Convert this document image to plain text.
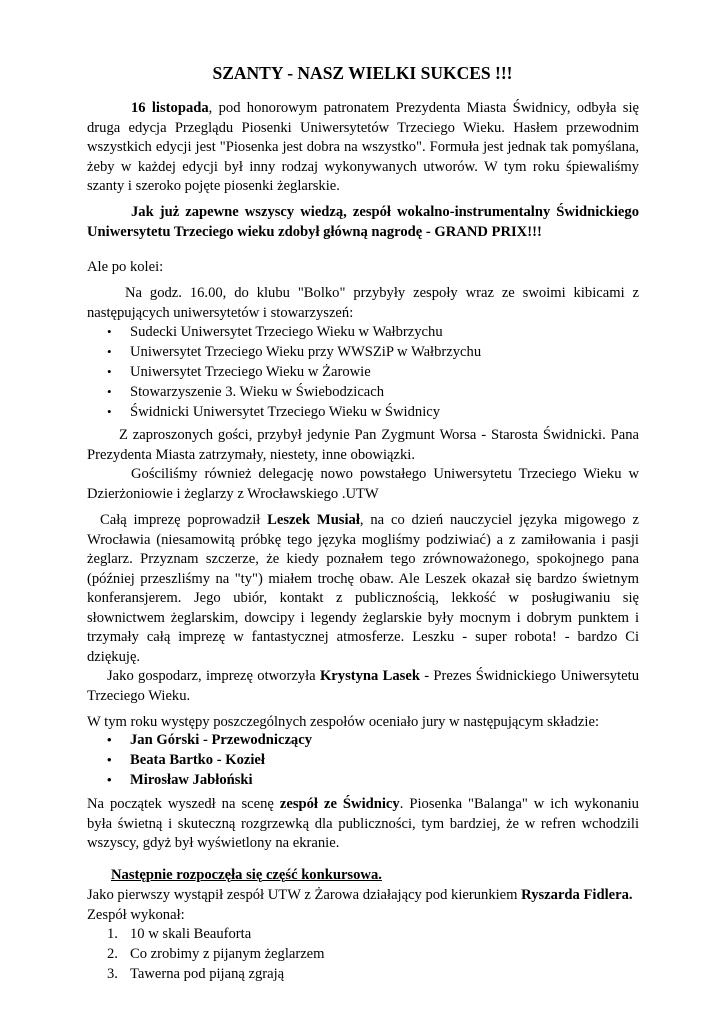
SZANTY - NASZ WIELKI SUKCES !!!
16 listopada, pod honorowym patronatem Prezydenta Miasta Świdnicy, odbyła się druga edycja Przeglądu Piosenki Uniwersytetów Trzeciego Wieku. Hasłem przewodnim wszystkich edycji jest "Piosenka jest dobra na wszystko". Formuła jest jednak tak pomyślana, żeby w każdej edycji był inny rodzaj wykonywanych utworów. W tym roku śpiewaliśmy szanty i szeroko pojęte piosenki żeglarskie.
Jak już zapewne wszyscy wiedzą, zespół wokalno-instrumentalny Świdnickiego Uniwersytetu Trzeciego wieku zdobył główną nagrodę - GRAND PRIX!!!
Ale po kolei:
Na godz. 16.00, do klubu "Bolko" przybyły zespoły wraz ze swoimi kibicami z następujących uniwersytetów i stowarzyszeń:
• Sudecki Uniwersytet Trzeciego Wieku w Wałbrzychu
• Uniwersytet Trzeciego Wieku przy WWSZiP w Wałbrzychu
• Uniwersytet Trzeciego Wieku w Żarowie
• Stowarzyszenie 3. Wieku w Świebodzicach
• Świdnicki Uniwersytet Trzeciego Wieku w Świdnicy
Z zaproszonych gości, przybył jedynie Pan Zygmunt Worsa - Starosta Świdnicki. Pana Prezydenta Miasta zatrzymały, niestety, inne obowiązki.
Gościliśmy również delegację nowo powstałego Uniwersytetu Trzeciego Wieku w Dzierżoniowie i żeglarzy z Wrocławskiego .UTW
Całą imprezę poprowadził Leszek Musiał, na co dzień nauczyciel języka migowego z Wrocławia (niesamowitą próbkę tego języka mogliśmy podziwiać) a z zamiłowania i pasji żeglarz. Przyznam szczerze, że kiedy poznałem tego zrównoważonego, spokojnego pana (później przeszliśmy na "ty") miałem trochę obaw. Ale Leszek okazał się bardzo świetnym konferansjerem. Jego ubiór, kontakt z publicznością, lekkość w posługiwaniu się słownictwem żeglarskim, dowcipy i legendy żeglarskie były mocnym i dobrym punktem i trzymały całą imprezę w fantastycznej atmosferze. Leszku - super robota! - bardzo Ci dziękuję.
Jako gospodarz, imprezę otworzyła Krystyna Lasek - Prezes Świdnickiego Uniwersytetu Trzeciego Wieku.
W tym roku występy poszczególnych zespołów oceniało jury w następującym składzie:
• Jan Górski - Przewodniczący
• Beata Bartko - Kozieł
• Mirosław Jabłoński
Na początek wyszedł na scenę zespół ze Świdnicy. Piosenka "Balanga" w ich wykonaniu była świetną i skuteczną rozgrzewką dla publiczności, tym bardziej, że w refren wchodzili wszyscy, gdyż był wyświetlony na ekranie.
Następnie rozpoczęła się część konkursowa.
Jako pierwszy wystąpił zespół UTW z Żarowa działający pod kierunkiem Ryszarda Fidlera.
Zespół wykonał:
1. 10 w skali Beauforta
2. Co zrobimy z pijanym żeglarzem
3. Tawerna pod pijaną zgrają
